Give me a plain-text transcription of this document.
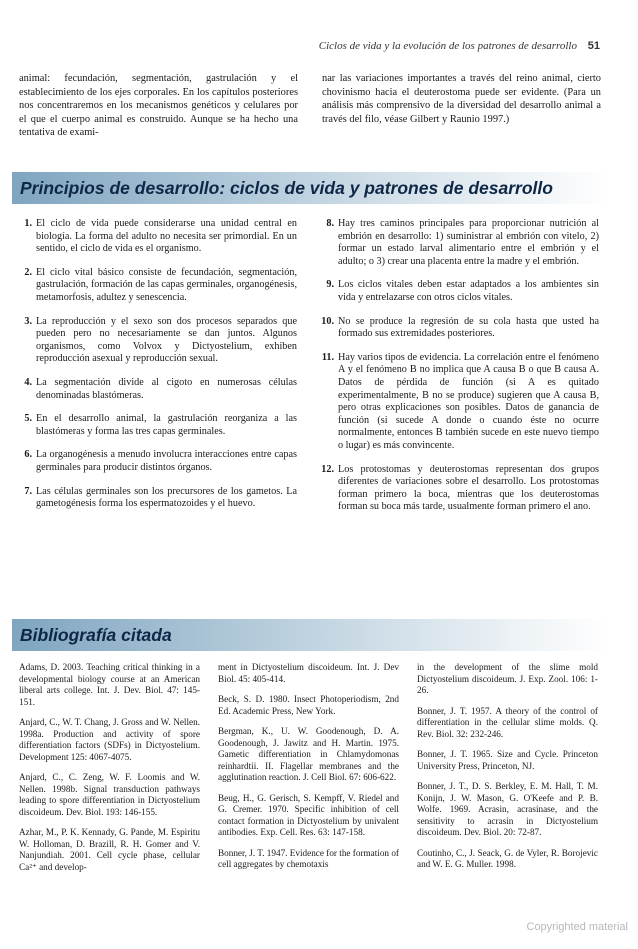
Ciclos de vida y la evolución de los patrones de desarrollo 51

animal: fecundación, segmentación, gastrulación y el establecimiento de los ejes corporales. En los capítulos posteriores nos concentraremos en los mecanismos genéticos y celulares por el que el cuerpo animal es construido. Aunque se ha hecho una tentativa de exami-

nar las variaciones importantes a través del reino animal, cierto chovinismo hacia el deuterostoma puede ser evidente. (Para un análisis más comprensivo de la diversidad del desarrollo animal a través del filo, véase Gilbert y Raunio 1997.)

Principios de desarrollo: ciclos de vida y patrones de desarrollo
1. El ciclo de vida puede considerarse una unidad central en biología. La forma del adulto no necesita ser primordial. En un sentido, el ciclo de vida es el organismo.
2. El ciclo vital básico consiste de fecundación, segmentación, gastrulación, formación de las capas germinales, organogénesis, metamorfosis, adultez y senescencia.
3. La reproducción y el sexo son dos procesos separados que pueden pero no necesariamente se dan juntos. Algunos organismos, como Volvox y Dictyostelium, exhiben reproducción asexual y reproducción sexual.
4. La segmentación divide al cigoto en numerosas células denominadas blastómeras.
5. En el desarrollo animal, la gastrulación reorganiza a las blastómeras y forma las tres capas germinales.
6. La organogénesis a menudo involucra interacciones entre capas germinales para producir distintos órganos.
7. Las células germinales son los precursores de los gametos. La gametogénesis forma los espermatozoides y el huevo.
8. Hay tres caminos principales para proporcionar nutrición al embrión en desarrollo: 1) suministrar al embrión con vitelo, 2) formar un estado larval alimentario entre el embrión y el adulto; o 3) crear una placenta entre la madre y el embrión.
9. Los ciclos vitales deben estar adaptados a los ambientes sin vida y entrelazarse con otros ciclos vitales.
10. No se produce la regresión de su cola hasta que usted ha formado sus extremidades posteriores.
11. Hay varios tipos de evidencia. La correlación entre el fenómeno A y el fenómeno B no implica que A causa B o que B causa A. Datos de pérdida de función (si A es quitado experimentalmente, B no se produce) sugieren que A causa B, pero otras explicaciones son posibles. Datos de ganancia de función (si sucede A donde o cuando éste no ocurre normalmente, entonces B también sucede en este nuevo tiempo o lugar) es más convincente.
12. Los protostomas y deuterostomas representan dos grupos diferentes de variaciones sobre el desarrollo. Los protostomas forman primero la boca, mientras que los deuterostomas forman su boca más tarde, usualmente forman primero el ano.
Bibliografía citada
Adams, D. 2003. Teaching critical thinking in a developmental biology course at an American liberal arts college. Int. J. Dev. Biol. 47: 145-151.
Anjard, C., W. T. Chang, J. Gross and W. Nellen. 1998a. Production and activity of spore differentiation factors (SDFs) in Dictyostelium. Development 125: 4067-4075.
Anjard, C., C. Zeng, W. F. Loomis and W. Nellen. 1998b. Signal transduction pathways leading to spore differentiation in Dictyostelium discoideum. Dev. Biol. 193: 146-155.
Azhar, M., P. K. Kennady, G. Pande, M. Espiritu W. Holloman, D. Brazill, R. H. Gomer and V. Nanjundiah. 2001. Cell cycle phase, cellular Ca²⁺ and develop-
ment in Dictyostelium discoideum. Int. J. Dev Biol. 45: 405-414.
Beck, S. D. 1980. Insect Photoperiodism, 2nd Ed. Academic Press, New York.
Bergman, K., U. W. Goodenough, D. A. Goodenough, J. Jawitz and H. Martin. 1975. Gametic differentiation in Chlamydomonas reinhardtii. II. Flagellar membranes and the agglutination reaction. J. Cell Biol. 67: 606-622.
Beug, H., G. Gerisch, S. Kempff, V. Riedel and G. Cremer. 1970. Specific inhibition of cell contact formation in Dictyostelium by univalent antibodies. Exp. Cell. Res. 63: 147-158.
Bonner, J. T. 1947. Evidence for the formation of cell aggregates by chemotaxis
in the development of the slime mold Dictyostelium discoideum. J. Exp. Zool. 106: 1-26.
Bonner, J. T. 1957. A theory of the control of differentiation in the cellular slime molds. Q. Rev. Biol. 32: 232-246.
Bonner, J. T. 1965. Size and Cycle. Princeton University Press, Princeton, NJ.
Bonner, J. T., D. S. Berkley, E. M. Hall, T. M. Konijn, J. W. Mason, G. O'Keefe and P. B. Wolfe. 1969. Acrasin, acrasinase, and the sensitivity to acrasin in Dictyostelium discoideum. Dev. Biol. 20: 72-87.
Coutinho, C., J. Seack, G. de Vyler, R. Borojevic and W. E. G. Muller. 1998.
Copyrighted material
